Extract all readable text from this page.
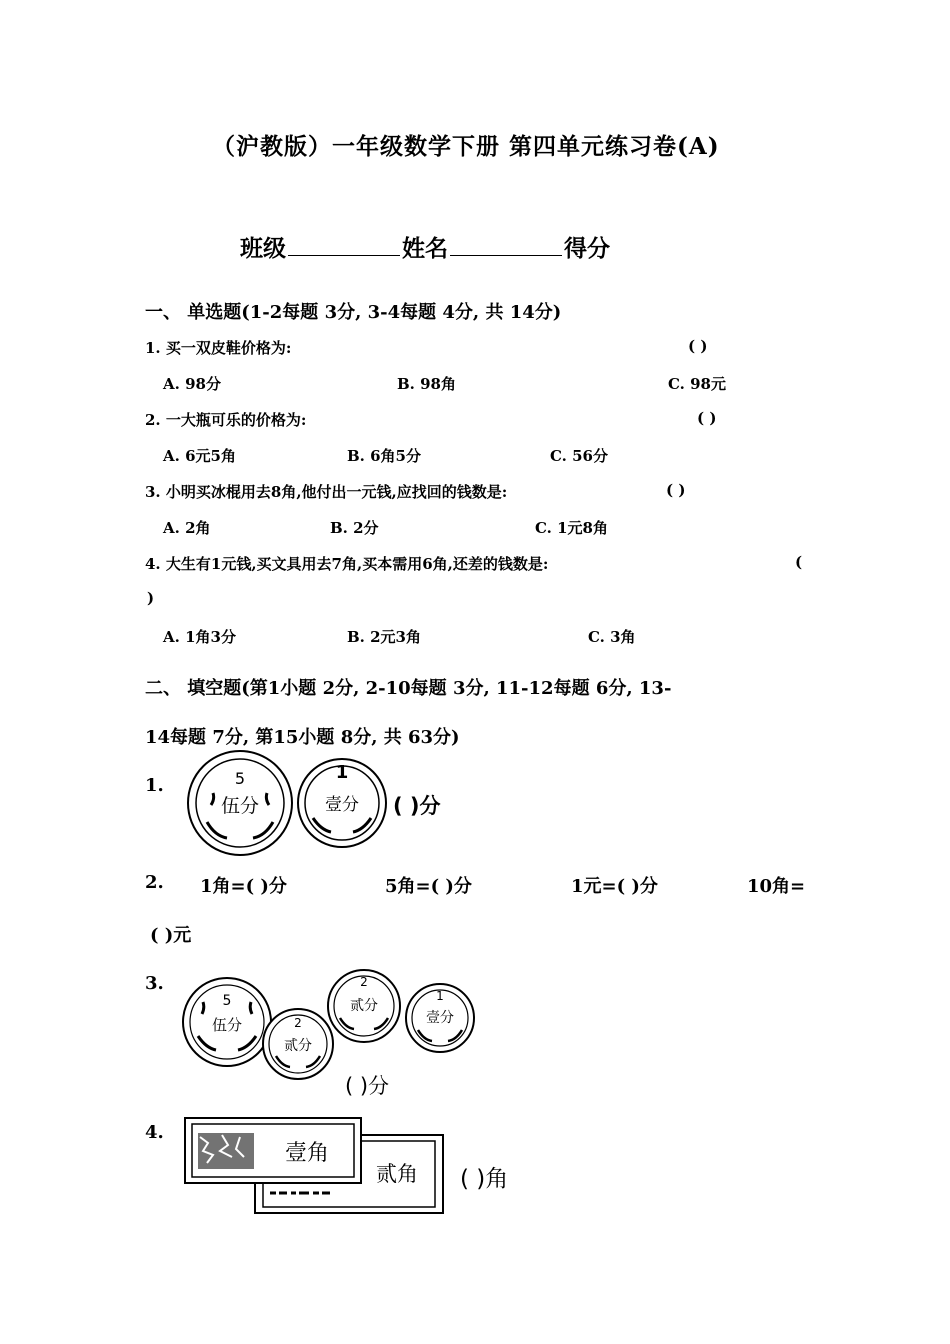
（沪教版）一年级数学下册 第四单元练习卷(A)
班级	姓名	得分
一、 单选题(1-2每题 3分, 3-4每题 4分, 共 14分)
1. 买一双皮鞋价格为:	( )
A. 98分	B. 98角	C. 98元
2. 一大瓶可乐的价格为:	( )
A. 6元5角	B. 6角5分	C. 56分
3. 小明买冰棍用去8角,他付出一元钱,应找回的钱数是:	( )
A. 2角	B. 2分	C. 1元8角
4. 大生有1元钱,买文具用去7角,买本需用6角,还差的钱数是:	(
)
A. 1角3分	B. 2元3角	C. 3角
二、 填空题(第1小题 2分, 2-10每题 3分, 11-12每题 6分, 13-
14每题 7分, 第15小题 8分, 共 63分)
1.	5
伍分
1
壹分 ( )分
2. 1角=( )分	5角=( )分	1元=( )分	10角=
( )元
3.
5
伍分	2
贰分
2
贰分
1
壹分
( )分
4.
贰角
壹角
( )角
